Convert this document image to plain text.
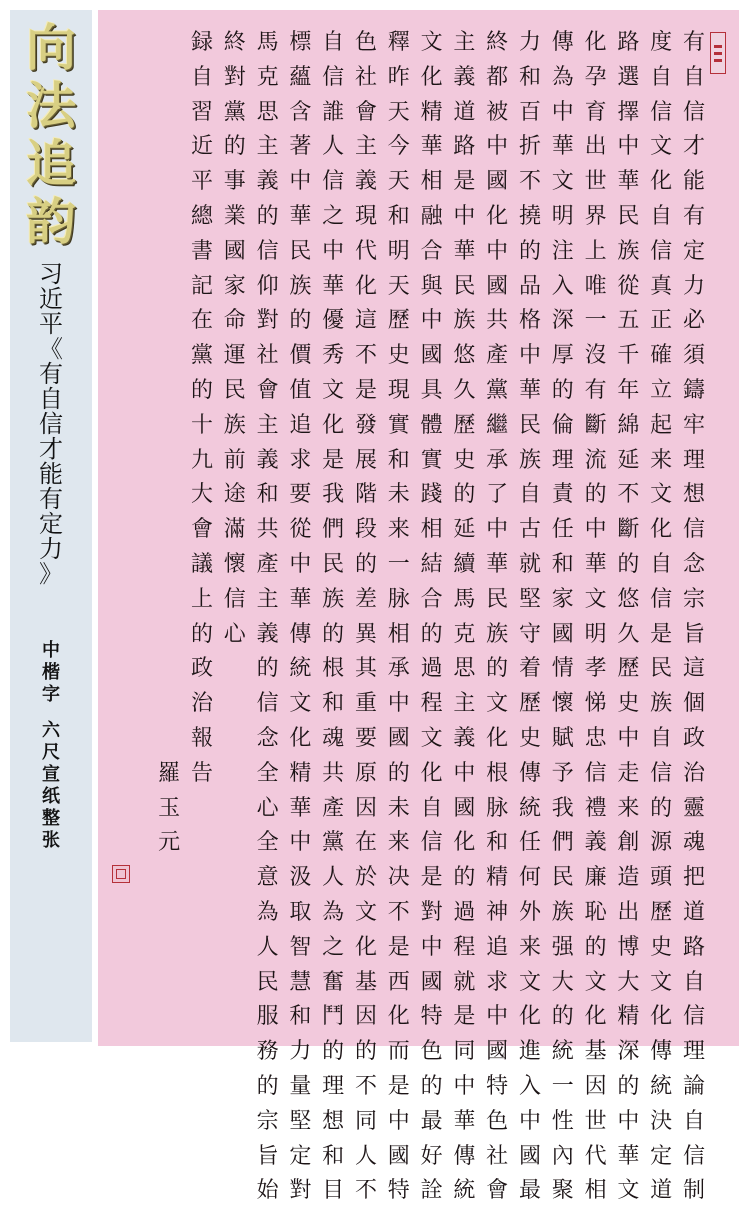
向
法
追
韵
习
近
平
《
有
自
信
才
能
有
定
力
》
中
楷
字
六
尺
宣
纸
整
张
有
自
信
才
能
有
定
力
必
須
鑄
牢
理
想
信
念
宗
旨
這
個
政
治
靈
魂
把
道
路
自
信
理
論
自
信
制
度
自
信
文
化
自
信
真
正
確
立
起
来
文
化
自
信
是
民
族
自
信
的
源
頭
歷
史
文
化
傳
統
決
定
道
路
選
擇
中
華
民
族
從
五
千
年
綿
延
不
斷
的
悠
久
歷
史
中
走
来
創
造
出
博
大
精
深
的
中
華
文
化
孕
育
出
世
界
上
唯
一
沒
有
斷
流
的
中
華
文
明
孝
悌
忠
信
禮
義
廉
恥
的
文
化
基
因
世
代
相
傳
為
中
華
文
明
注
入
深
厚
的
倫
理
責
任
和
家
國
情
懷
賦
予
我
們
民
族
强
大
的
統
一
性
內
聚
力
和
百
折
不
撓
的
品
格
中
華
民
族
自
古
就
堅
守
着
歷
史
傳
統
任
何
外
来
文
化
進
入
中
國
最
終
都
被
中
國
化
中
國
共
產
黨
繼
承
了
中
華
民
族
的
文
化
根
脉
和
精
神
追
求
中
國
特
色
社
會
主
義
道
路
是
中
華
民
族
悠
久
歷
史
的
延
續
馬
克
思
主
義
中
國
化
的
過
程
就
是
同
中
華
傳
統
文
化
精
華
相
融
合
與
中
國
具
體
實
踐
相
結
合
的
過
程
文
化
自
信
是
對
中
國
特
色
的
最
好
詮
釋
昨
天
今
天
和
明
天
歷
史
現
實
和
未
来
一
脉
相
承
中
國
的
未
来
决
不
是
西
化
而
是
中
國
特
色
社
會
主
義
現
代
化
這
不
是
發
展
階
段
的
差
異
其
重
要
原
因
在
於
文
化
基
因
的
不
同
人
不
自
信
誰
人
信
之
中
華
優
秀
文
化
是
我
們
民
族
的
根
和
魂
共
產
黨
人
為
之
奮
鬥
的
理
想
和
目
標
蘊
含
著
中
華
民
族
的
價
值
追
求
要
從
中
華
傳
統
文
化
精
華
中
汲
取
智
慧
和
力
量
堅
定
對
馬
克
思
主
義
的
信
仰
對
社
會
主
義
和
共
產
主
義
的
信
念
全
心
全
意
為
人
民
服
務
的
宗
旨
始
終
對
黨
的
事
業
國
家
命
運
民
族
前
途
滿
懷
信
心
録
自
習
近
平
總
書
記
在
黨
的
十
九
大
會
議
上
的
政
治
報
告
羅
玉
元
